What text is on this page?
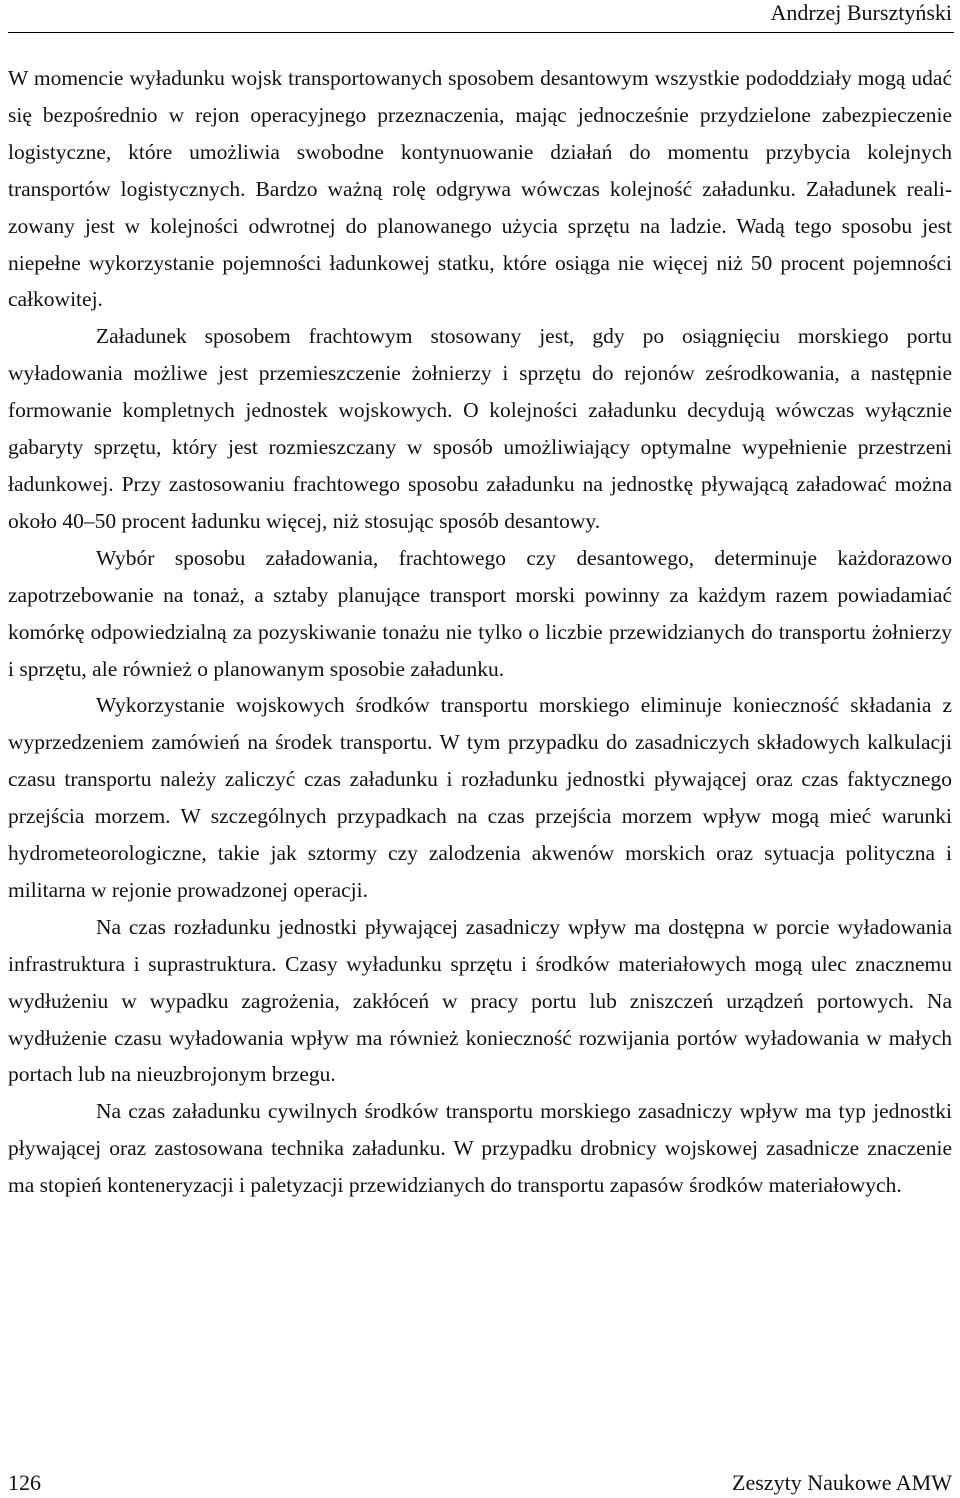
Andrzej Bursztyński

W momencie wyładunku wojsk transportowanych sposobem desantowym wszystkie pododdziały mogą udać się bezpośrednio w rejon operacyjnego przeznaczenia, mając jednocześnie przydzielone zabezpieczenie logistyczne, które umożliwia swobodne kontynuowanie działań do momentu przybycia kolejnych transportów logistycznych. Bardzo ważną rolę odgrywa wówczas kolejność załadunku. Załadunek realizowany jest w kolejności odwrotnej do planowanego użycia sprzętu na ladzie. Wadą tego sposobu jest niepełne wykorzystanie pojemności ładunkowej statku, które osiąga nie więcej niż 50 procent pojemności całkowitej.

Załadunek sposobem frachtowym stosowany jest, gdy po osiągnięciu morskiego portu wyładowania możliwe jest przemieszczenie żołnierzy i sprzętu do rejonów ześrodkowania, a następnie formowanie kompletnych jednostek wojskowych. O kolejności załadunku decydują wówczas wyłącznie gabaryty sprzętu, który jest rozmieszczany w sposób umożliwiający optymalne wypełnienie przestrzeni ładunkowej. Przy zastosowaniu frachtowego sposobu załadunku na jednostkę pływającą załadować można około 40–50 procent ładunku więcej, niż stosując sposób desantowy.

Wybór sposobu załadowania, frachtowego czy desantowego, determinuje każdorazowo zapotrzebowanie na tonaż, a sztaby planujące transport morski powinny za każdym razem powiadamiać komórkę odpowiedzialną za pozyskiwanie tonażu nie tylko o liczbie przewidzianych do transportu żołnierzy i sprzętu, ale również o planowanym sposobie załadunku.

Wykorzystanie wojskowych środków transportu morskiego eliminuje konieczność składania z wyprzedzeniem zamówień na środek transportu. W tym przypadku do zasadniczych składowych kalkulacji czasu transportu należy zaliczyć czas załadunku i rozładunku jednostki pływającej oraz czas faktycznego przejścia morzem. W szczególnych przypadkach na czas przejścia morzem wpływ mogą mieć warunki hydrometeorologiczne, takie jak sztormy czy zalodzenia akwenów morskich oraz sytuacja polityczna i militarna w rejonie prowadzonej operacji.

Na czas rozładunku jednostki pływającej zasadniczy wpływ ma dostępna w porcie wyładowania infrastruktura i suprastruktura. Czasy wyładunku sprzętu i środków materiałowych mogą ulec znacznemu wydłużeniu w wypadku zagrożenia, zakłóceń w pracy portu lub zniszczeń urządzeń portowych. Na wydłużenie czasu wyładowania wpływ ma również konieczność rozwijania portów wyładowania w małych portach lub na nieuzbrojonym brzegu.

Na czas załadunku cywilnych środków transportu morskiego zasadniczy wpływ ma typ jednostki pływającej oraz zastosowana technika załadunku. W przypadku drobnicy wojskowej zasadnicze znaczenie ma stopień konteneryzacji i paletyzacji przewidzianych do transportu zapasów środków materiałowych.

126	Zeszyty Naukowe AMW
